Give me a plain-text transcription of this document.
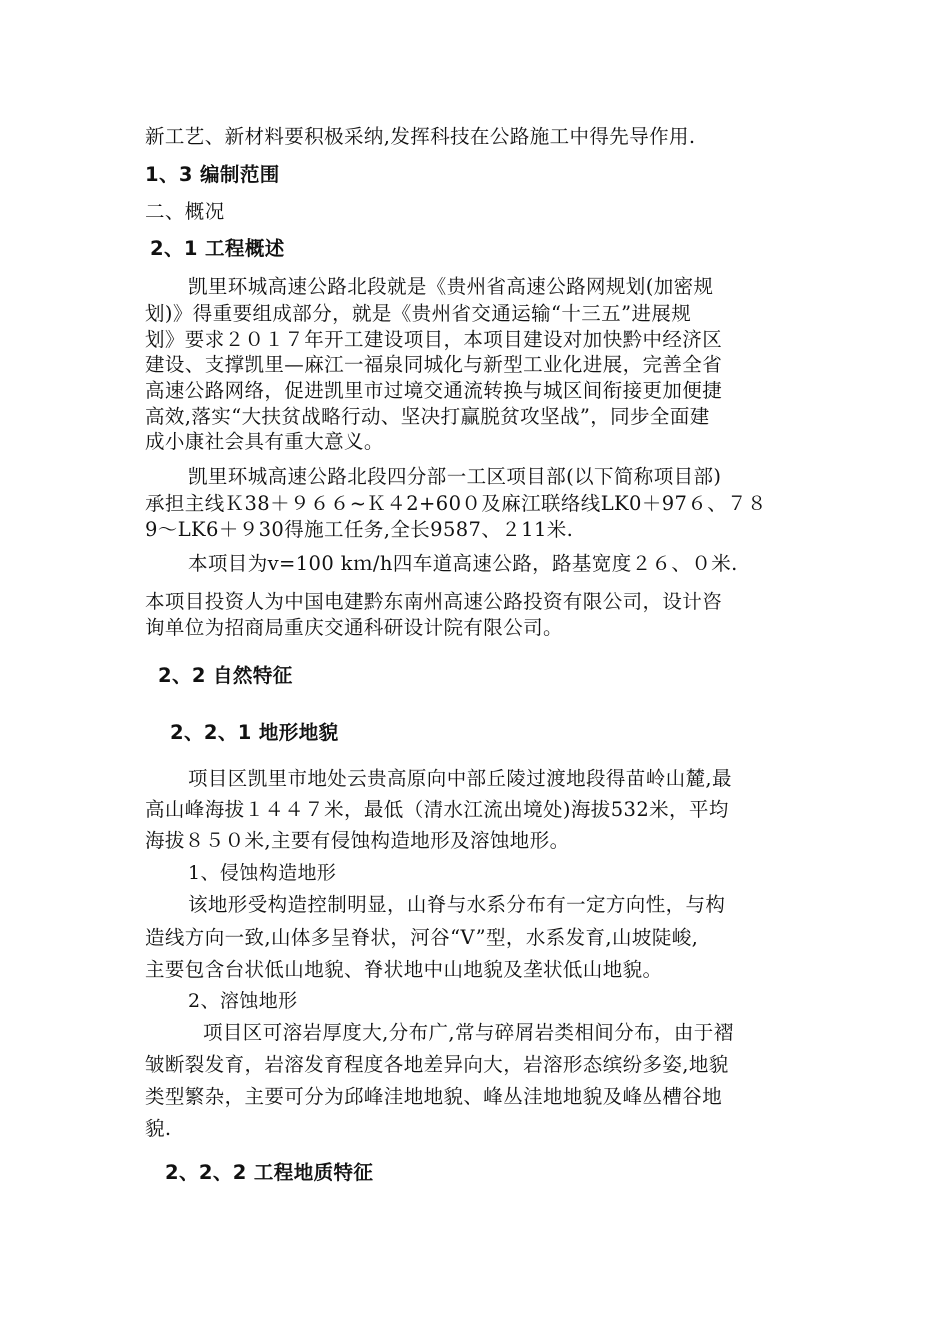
新工艺、新材料要积极采纳,发挥科技在公路施工中得先导作用.
1、3 编制范围
二、概况
2、1 工程概述
凯里环城高速公路北段就是《贵州省高速公路网规划(加密规
划)》得重要组成部分，就是《贵州省交通运输“十三五”进展规
划》要求２０１７年开工建设项目，本项目建设对加快黔中经济区
建设、支撑凯里—麻江一福泉同城化与新型工业化进展，完善全省
高速公路网络，促进凯里市过境交通流转换与城区间衔接更加便捷
高效,落实“大扶贫战略行动、坚决打赢脱贫攻坚战”，同步全面建
成小康社会具有重大意义。
凯里环城高速公路北段四分部一工区项目部(以下简称项目部)
承担主线Ｋ38＋９６６~Ｋ４2+60０及麻江联络线LK0＋97６、７８
9～LK6＋９30得施工任务,全长9587、２11米.
本项目为v=100 kｍ/h四车道高速公路，路基宽度２６、０米.
本项目投资人为中国电建黔东南州高速公路投资有限公司，设计咨
询单位为招商局重庆交通科研设计院有限公司。
2、2 自然特征
2、2、1 地形地貌
项目区凯里市地处云贵高原向中部丘陵过渡地段得苗岭山麓,最
高山峰海拔１４４７米，最低（清水江流出境处)海拔532米，平均
海拔８５０米,主要有侵蚀构造地形及溶蚀地形。
1、侵蚀构造地形
该地形受构造控制明显，山脊与水系分布有一定方向性，与构
造线方向一致,山体多呈脊状，河谷“V”型，水系发育,山坡陡峻,
主要包含台状低山地貌、脊状地中山地貌及垄状低山地貌。
2、溶蚀地形
项目区可溶岩厚度大,分布广,常与碎屑岩类相间分布，由于褶
皱断裂发育，岩溶发育程度各地差异向大，岩溶形态缤纷多姿,地貌
类型繁杂，主要可分为邱峰洼地地貌、峰丛洼地地貌及峰丛槽谷地
貌.
2、2、2 工程地质特征
